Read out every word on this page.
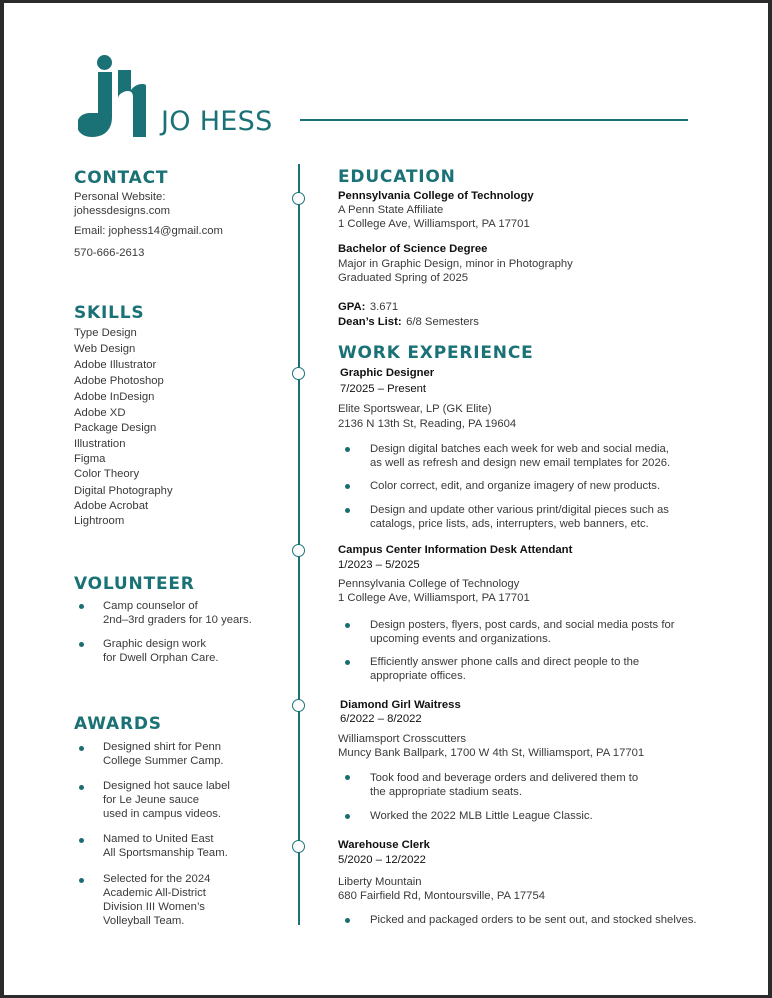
JO HESS
CONTACT
Personal Website:
johessdesigns.com
Email: jophess14@gmail.com
570-666-2613
SKILLS
Type Design
Web Design
Adobe Illustrator
Adobe Photoshop
Adobe InDesign
Adobe XD
Package Design
Illustration
Figma
Color Theory
Digital Photography
Adobe Acrobat
Lightroom
VOLUNTEER
Camp counselor of
2nd–3rd graders for 10 years.
Graphic design work
for Dwell Orphan Care.
AWARDS
Designed shirt for Penn
College Summer Camp.
Designed hot sauce label
for Le Jeune sauce
used in campus videos.
Named to United East
All Sportsmanship Team.
Selected for the 2024
Academic All-District
Division III Women’s
Volleyball Team.
EDUCATION
Pennsylvania College of Technology
A Penn State Affiliate
1 College Ave, Williamsport, PA 17701
Bachelor of Science Degree
Major in Graphic Design, minor in Photography
Graduated Spring of 2025
GPA: 3.671
Dean’s List: 6/8 Semesters
WORK EXPERIENCE
Graphic Designer
7/2025 – Present
Elite Sportswear, LP (GK Elite)
2136 N 13th St, Reading, PA 19604
Design digital batches each week for web and social media,
as well as refresh and design new email templates for 2026.
Color correct, edit, and organize imagery of new products.
Design and update other various print/digital pieces such as
catalogs, price lists, ads, interrupters, web banners, etc.
Campus Center Information Desk Attendant
1/2023 – 5/2025
Pennsylvania College of Technology
1 College Ave, Williamsport, PA 17701
Design posters, flyers, post cards, and social media posts for
upcoming events and organizations.
Efficiently answer phone calls and direct people to the
appropriate offices.
Diamond Girl Waitress
6/2022 – 8/2022
Williamsport Crosscutters
Muncy Bank Ballpark, 1700 W 4th St, Williamsport, PA 17701
Took food and beverage orders and delivered them to
the appropriate stadium seats.
Worked the 2022 MLB Little League Classic.
Warehouse Clerk
5/2020 – 12/2022
Liberty Mountain
680 Fairfield Rd, Montoursville, PA 17754
Picked and packaged orders to be sent out, and stocked shelves.
